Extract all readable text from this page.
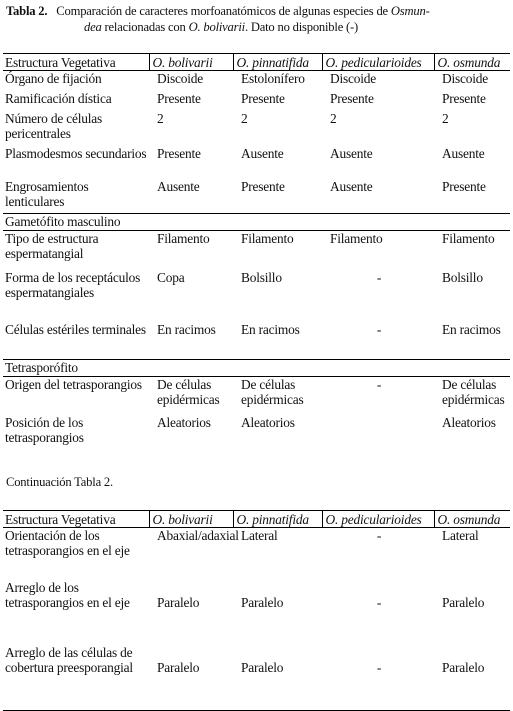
Tabla 2. Comparación de caracteres morfoanatómicos de algunas especies de Osmun-
dea relacionadas con O. bolivarii. Dato no disponible (-)
Estructura Vegetativa	O. bolivarii	O. pinnatifida	O. pedicularioides	O. osmunda
Órgano de fijación	Discoide	Estolonífero	Discoide	Discoide
Ramificación dística	Presente	Presente	Presente	Presente
Número de células pericentrales	2	2	2	2
Plasmodesmos secundarios	Presente	Ausente	Ausente	Ausente
Engrosamientos lenticulares	Ausente	Presente	Ausente	Presente
Gametófito masculino				
Tipo de estructura espermatangial	Filamento	Filamento	Filamento	Filamento
Forma de los receptáculos espermatangiales	Copa	Bolsillo	-	Bolsillo
Células estériles terminales	En racimos	En racimos	-	En racimos
Tetrasporófito				
Origen del tetrasporangios	De células epidérmicas	De células epidérmicas	-	De células epidérmicas
Posición de los tetrasporangios	Aleatorios	Aleatorios		Aleatorios
Continuación Tabla 2.
Estructura Vegetativa	O. bolivarii	O. pinnatifida	O. pedicularioides	O. osmunda
Orientación de los tetrasporangios en el eje	Abaxial/adaxial	Lateral	-	Lateral
Arreglo de los tetrasporangios en el eje	Paralelo	Paralelo	-	Paralelo
Arreglo de las células de cobertura preesporangial	Paralelo	Paralelo	-	Paralelo
